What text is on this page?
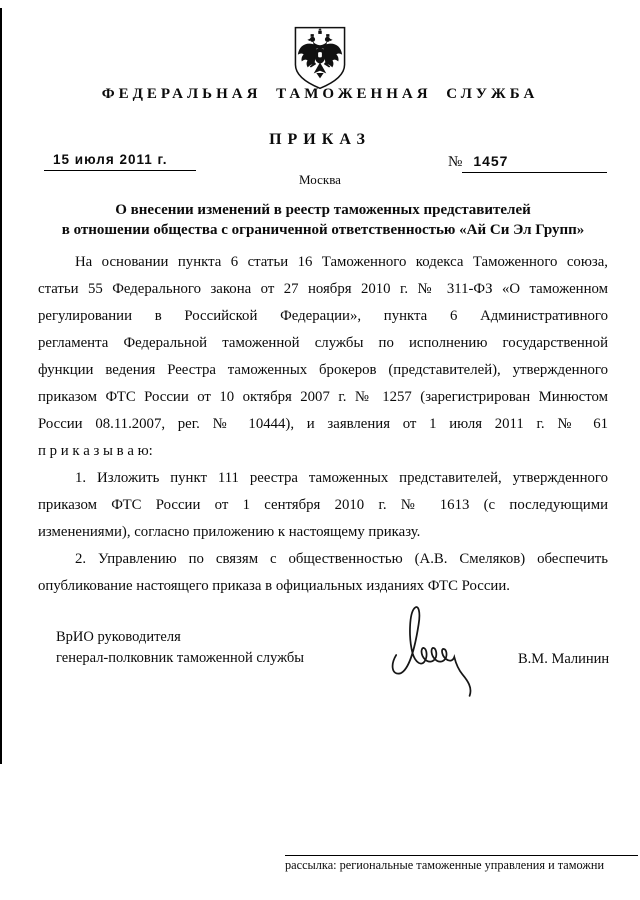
ФЕДЕРАЛЬНАЯ ТАМОЖЕННАЯ СЛУЖБА
ПРИКАЗ
15 июля 2011 г.	№ 1457
Москва
О внесении изменений в реестр таможенных представителей
в отношении общества с ограниченной ответственностью «Ай Си Эл Групп»
На основании пункта 6 статьи 16 Таможенного кодекса Таможенного союза,
статьи 55 Федерального закона от 27 ноября 2010 г. № 311-ФЗ «О таможенном
регулировании в Российской Федерации», пункта 6 Административного
регламента Федеральной таможенной службы по исполнению государственной
функции ведения Реестра таможенных брокеров (представителей), утвержденного
приказом ФТС России от 10 октября 2007 г. № 1257 (зарегистрирован Минюстом
России 08.11.2007, рег. № 10444), и заявления от 1 июля 2011 г. № 61
п р и к а з ы в а ю:
1. Изложить пункт 111 реестра таможенных представителей, утвержденного
приказом ФТС России от 1 сентября 2010 г. № 1613 (с последующими
изменениями), согласно приложению к настоящему приказу.
2. Управлению по связям с общественностью (А.В. Смеляков) обеспечить
опубликование настоящего приказа в официальных изданиях ФТС России.
ВрИО руководителя
генерал-полковник таможенной службы	В.М. Малинин
рассылка: региональные таможенные управления и таможни
